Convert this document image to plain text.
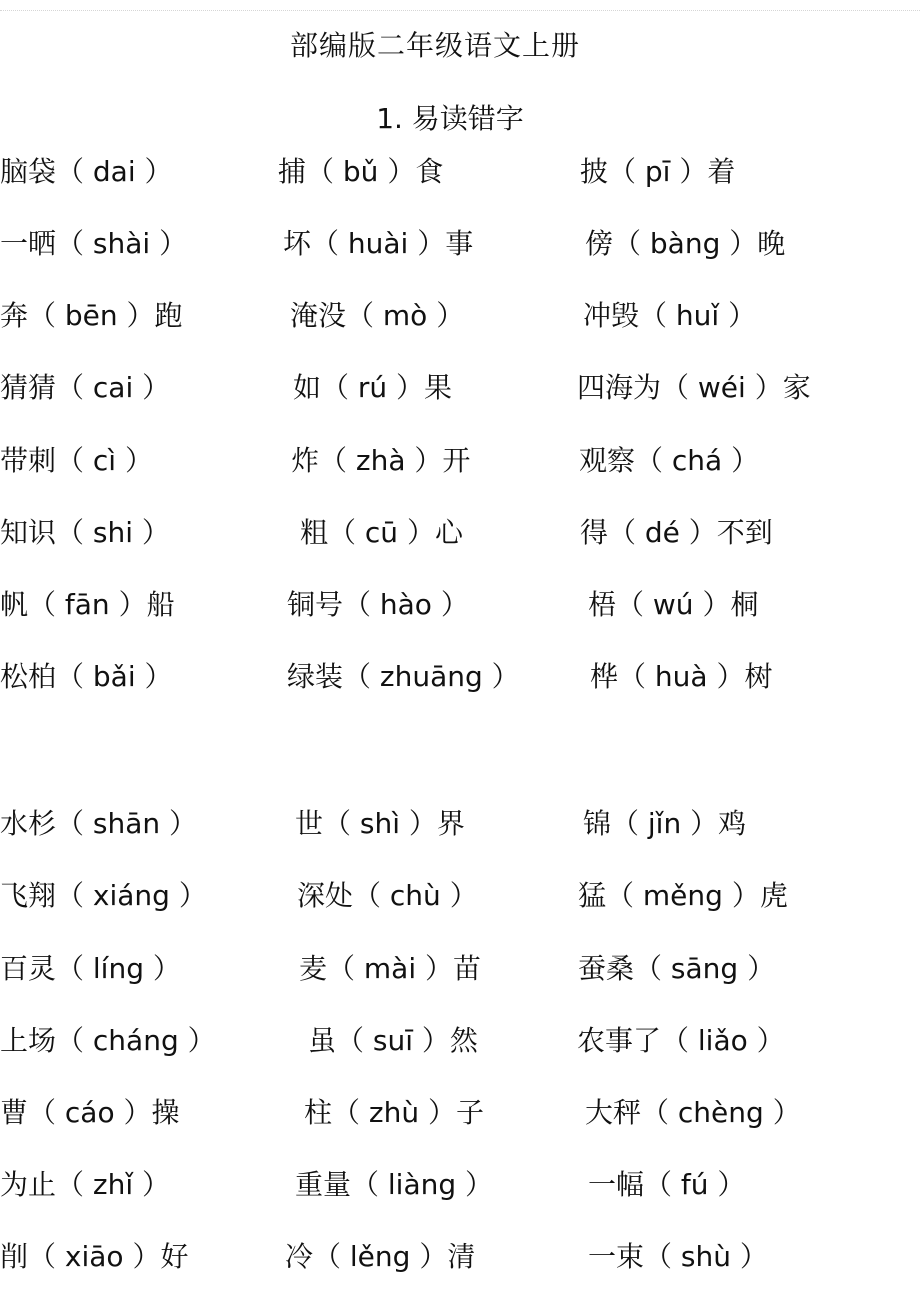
部编版二年级语文上册
1. 易读错字
脑袋（ dai ）	捕（ bǔ ）食	披（ pī ）着
一晒（ shài ）	坏（ huài ）事	傍（ bàng ）晚
奔（ bēn ）跑	淹没（ mò ）	冲毁（ huǐ ）
猜猜（ cai ）	如（ rú ）果	四海为（ wéi ）家
带刺（ cì ）	炸（ zhà ）开	观察（ chá ）
知识（ shi ）	粗（ cū ）心	得（ dé ）不到
帆（ fān ）船	铜号（ hào ）	梧（ wú ）桐
松柏（ bǎi ）	绿装（ zhuāng ）	桦（ huà ）树
水杉（ shān ）	世（ shì ）界	锦（ jǐn ）鸡
飞翔（ xiáng ）	深处（ chù ）	猛（ měng ）虎
百灵（ líng ）	麦（ mài ）苗	蚕桑（ sāng ）
上场（ cháng ）	虽（ suī ）然	农事了（ liǎo ）
曹（ cáo ）操	柱（ zhù ）子	大秤（ chèng ）
为止（ zhǐ ）	重量（ liàng ）	一幅（ fú ）
削（ xiāo ）好	冷（ lěng ）清	一束（ shù ）
